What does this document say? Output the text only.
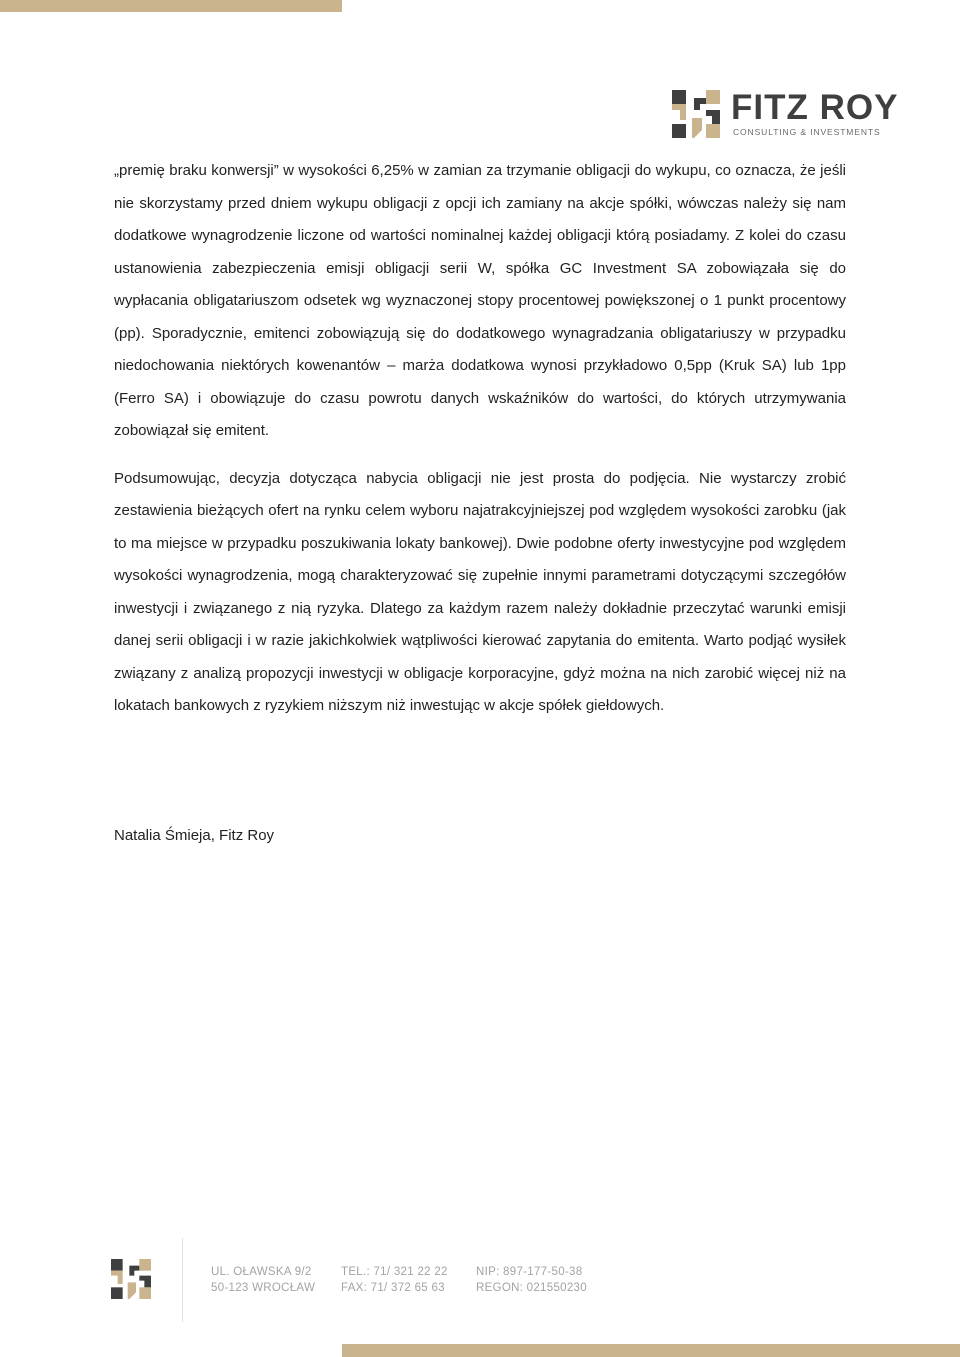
FITZ ROY
CONSULTING & INVESTMENTS

„premię braku konwersji” w wysokości 6,25% w zamian za trzymanie obligacji do wykupu, co oznacza, że jeśli nie skorzystamy przed dniem wykupu obligacji z opcji ich zamiany na akcje spółki, wówczas należy się nam dodatkowe wynagrodzenie liczone od wartości nominalnej każdej obligacji którą posiadamy. Z kolei do czasu ustanowienia zabezpieczenia emisji obligacji serii W, spółka GC Investment SA zobowiązała się do wypłacania obligatariuszom odsetek wg wyznaczonej stopy procentowej powiększonej o 1 punkt procentowy (pp). Sporadycznie, emitenci zobowiązują się do dodatkowego wynagradzania obligatariuszy w przypadku niedochowania niektórych kowenantów – marża dodatkowa wynosi przykładowo 0,5pp (Kruk SA) lub 1pp (Ferro SA) i obowiązuje do czasu powrotu danych wskaźników do wartości, do których utrzymywania zobowiązał się emitent.

Podsumowując, decyzja dotycząca nabycia obligacji nie jest prosta do podjęcia. Nie wystarczy zrobić zestawienia bieżących ofert na rynku celem wyboru najatrakcyjniejszej pod względem wysokości zarobku (jak to ma miejsce w przypadku poszukiwania lokaty bankowej). Dwie podobne oferty inwestycyjne pod względem wysokości wynagrodzenia, mogą charakteryzować się zupełnie innymi parametrami dotyczącymi szczegółów inwestycji i związanego z nią ryzyka. Dlatego za każdym razem należy dokładnie przeczytać warunki emisji danej serii obligacji i w razie jakichkolwiek wątpliwości kierować zapytania do emitenta. Warto podjąć wysiłek związany z analizą propozycji inwestycji w obligacje korporacyjne, gdyż można na nich zarobić więcej niż na lokatach bankowych z ryzykiem niższym niż inwestując w akcje spółek giełdowych.

Natalia Śmieja, Fitz Roy
UL. OŁAWSKA 9/2
50-123 WROCŁAW
TEL.: 71/ 321 22 22
FAX: 71/ 372 65 63
NIP: 897-177-50-38
REGON: 021550230
